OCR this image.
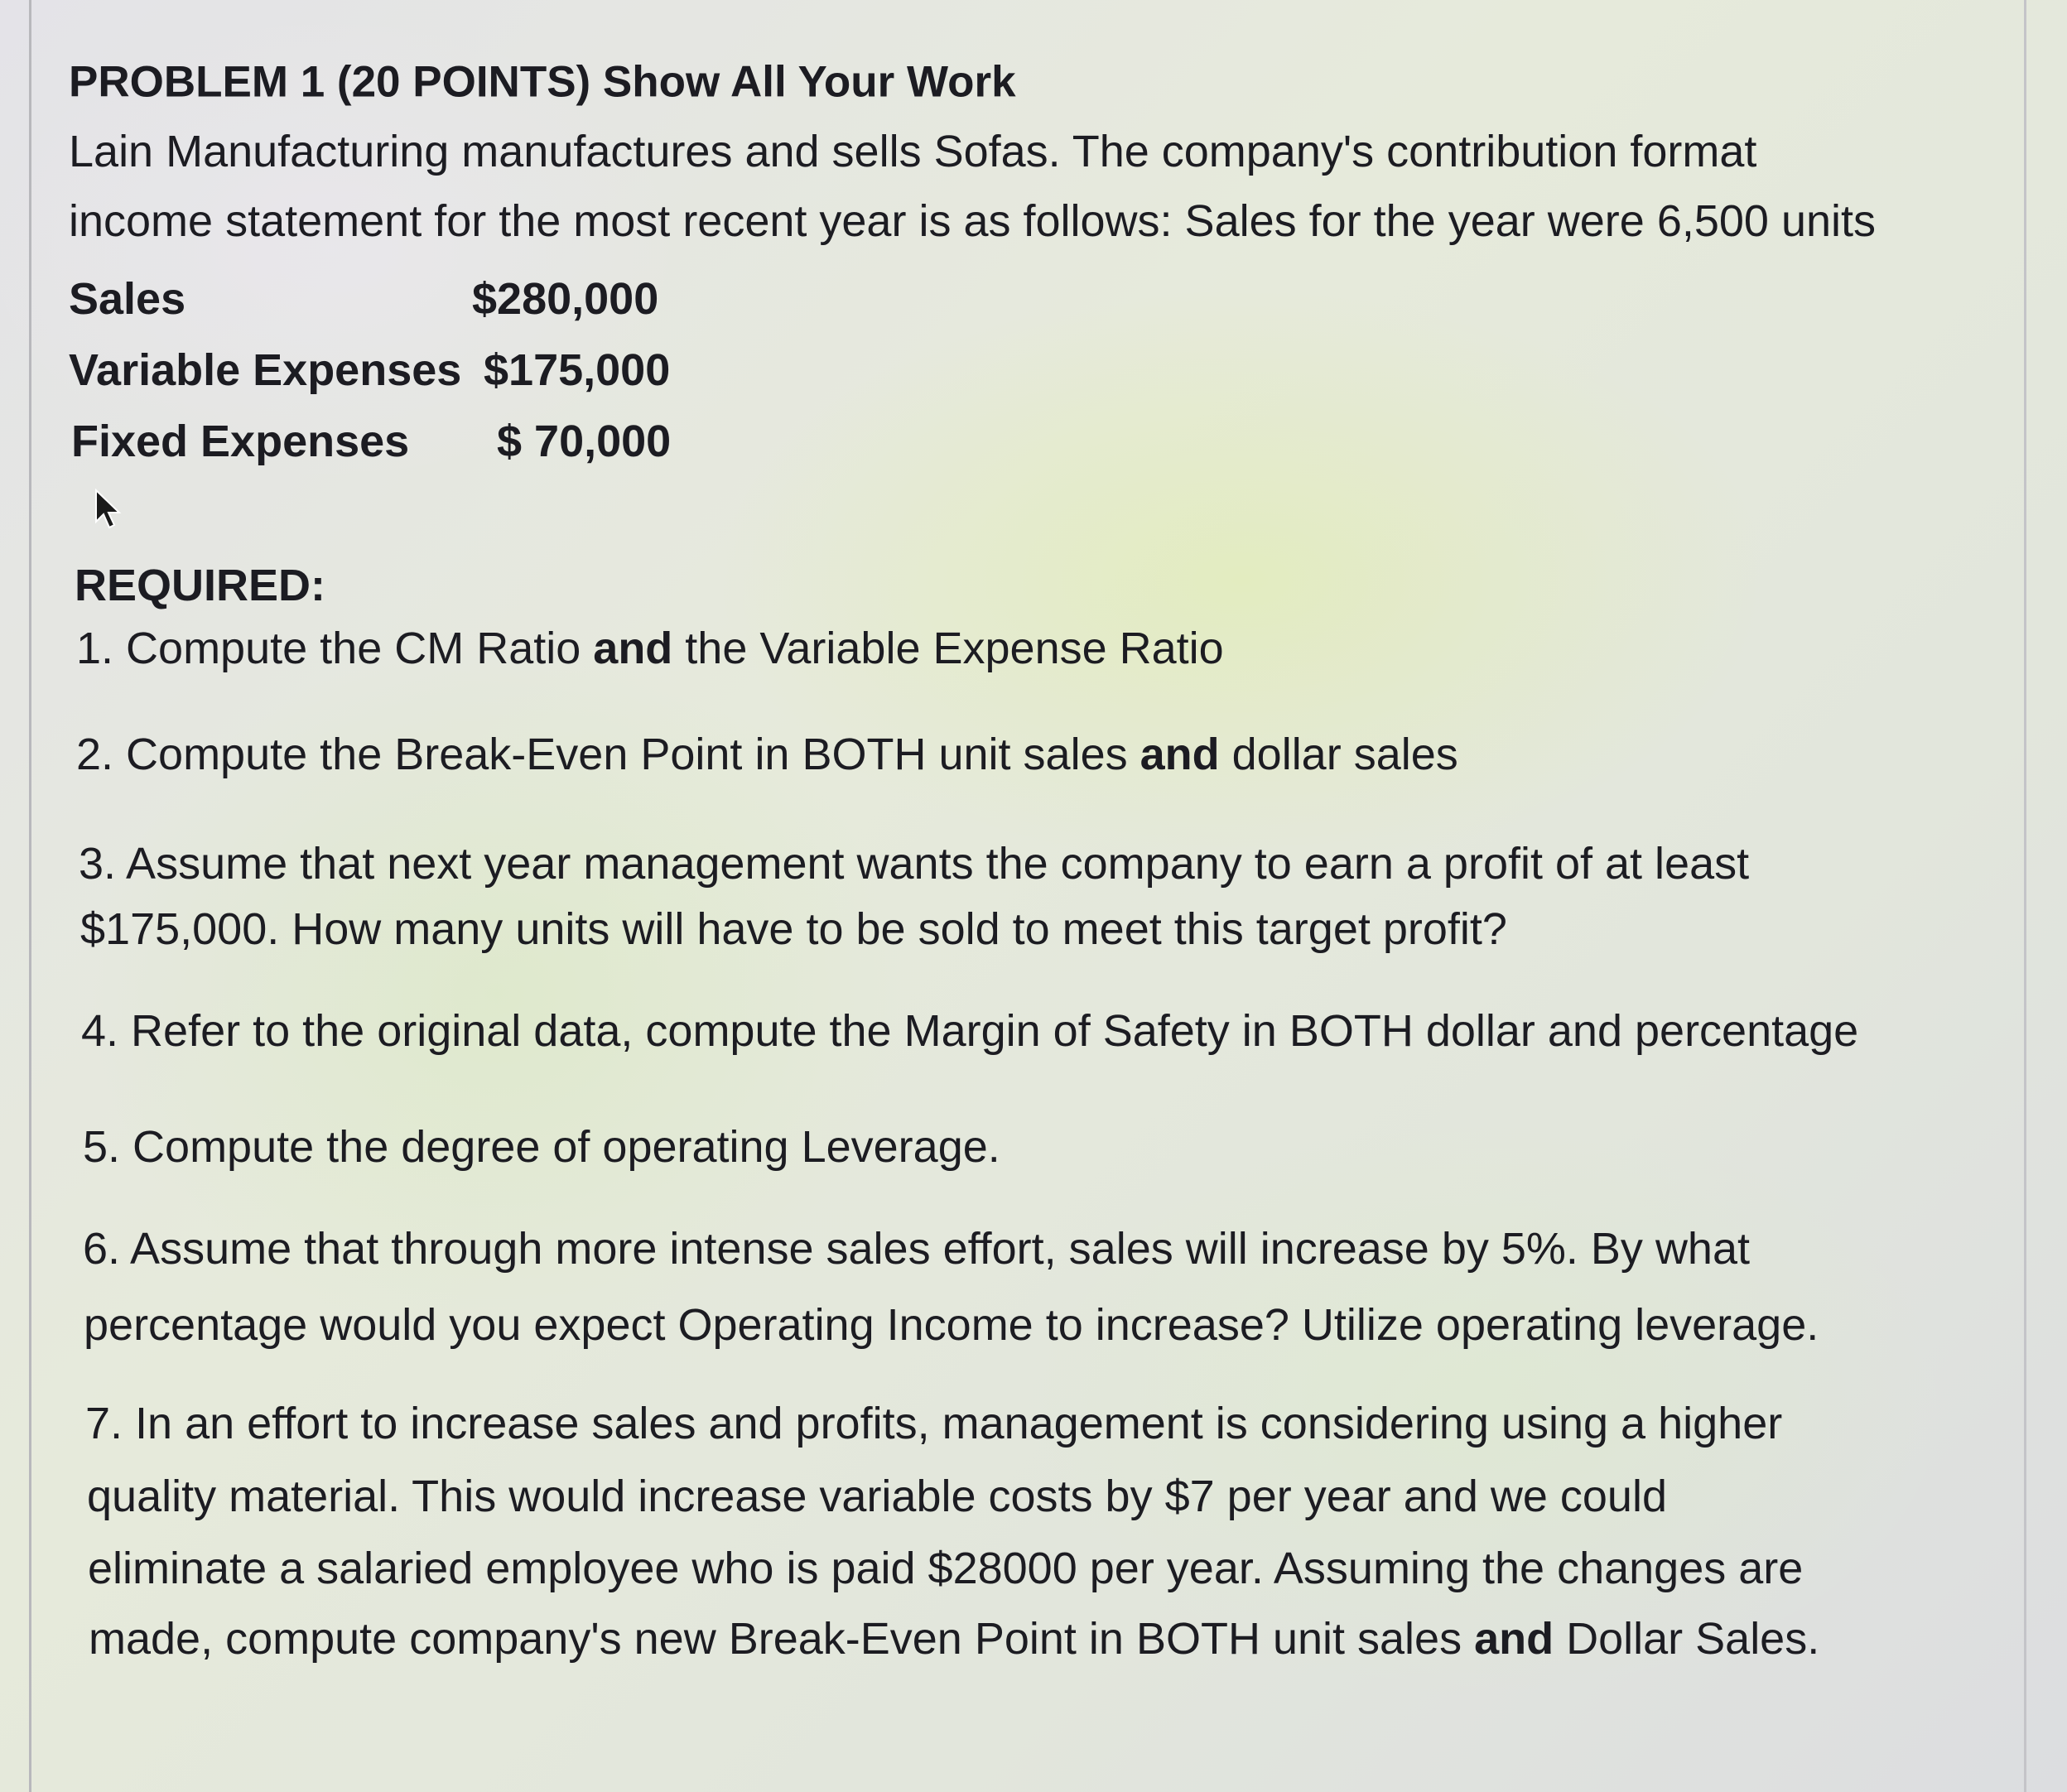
PROBLEM 1 (20 POINTS) Show All Your Work
Lain Manufacturing manufactures and sells Sofas. The company's contribution format
income statement for the most recent year is as follows: Sales for the year were 6,500 units
Sales	$280,000
Variable Expenses $175,000
Fixed Expenses $ 70,000
REQUIRED:
1. Compute the CM Ratio and the Variable Expense Ratio
2. Compute the Break-Even Point in BOTH unit sales and dollar sales
3. Assume that next year management wants the company to earn a profit of at least
$175,000. How many units will have to be sold to meet this target profit?
4. Refer to the original data, compute the Margin of Safety in BOTH dollar and percentage
5. Compute the degree of operating Leverage.
6. Assume that through more intense sales effort, sales will increase by 5%. By what
percentage would you expect Operating Income to increase? Utilize operating leverage.
7. In an effort to increase sales and profits, management is considering using a higher
quality material. This would increase variable costs by $7 per year and we could
eliminate a salaried employee who is paid $28000 per year. Assuming the changes are
made, compute company's new Break-Even Point in BOTH unit sales and Dollar Sales.
